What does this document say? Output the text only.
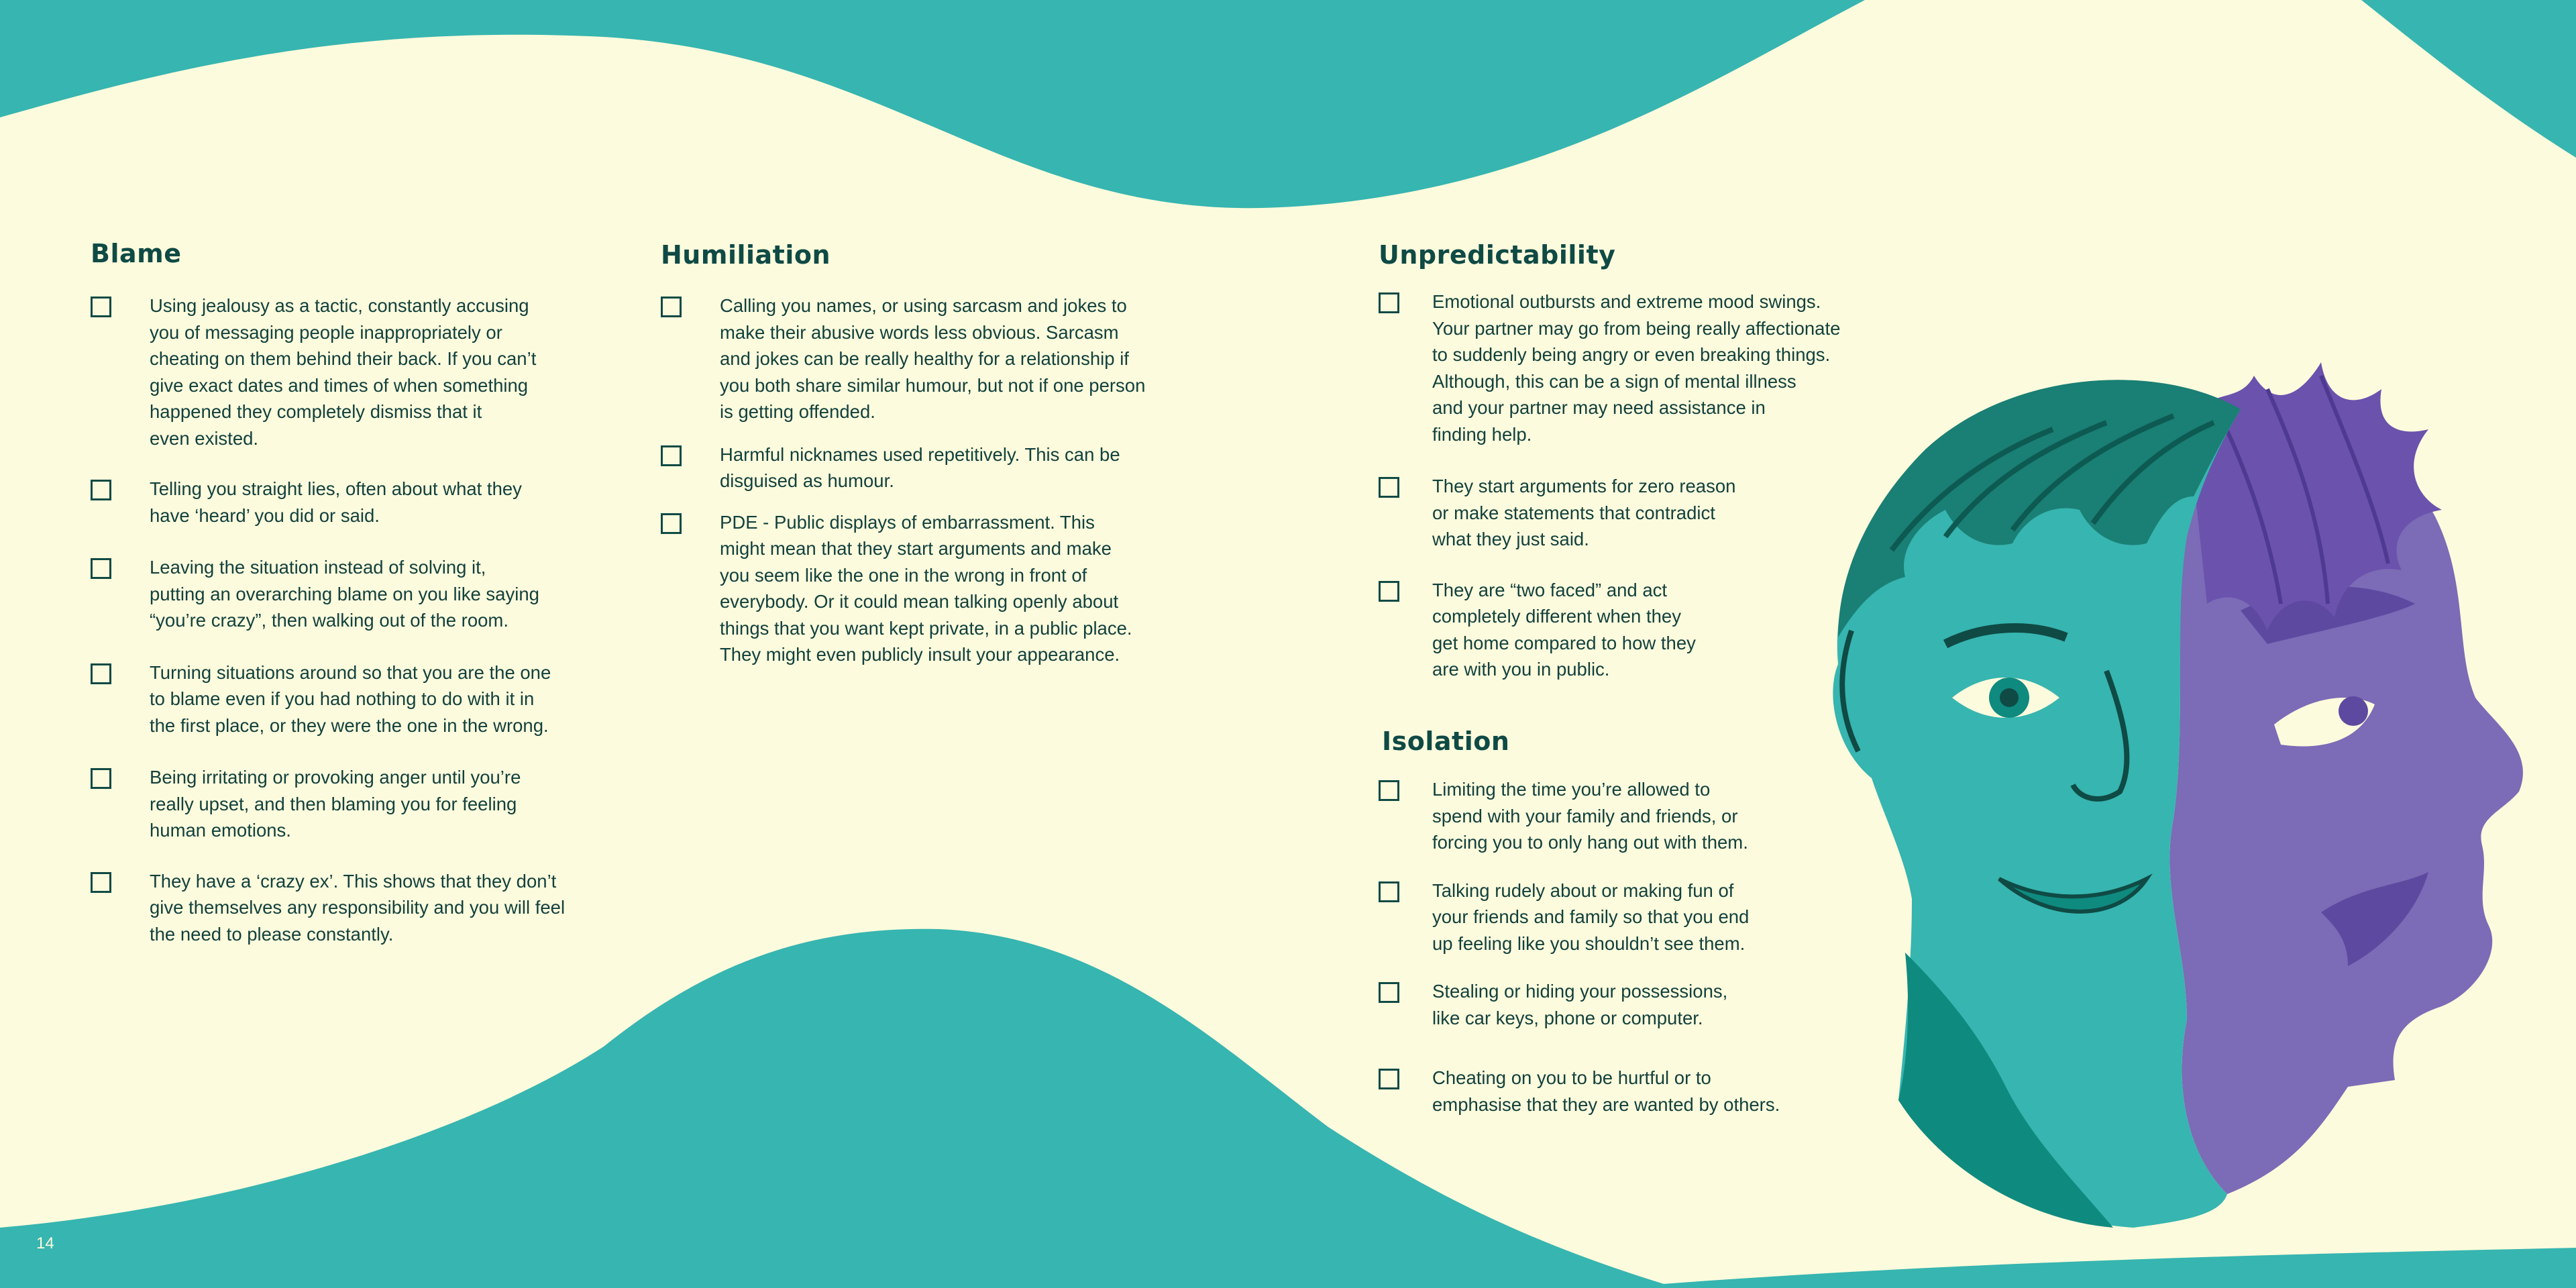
Blame
Using jealousy as a tactic, constantly accusing
you of messaging people inappropriately or
cheating on them behind their back. If you can’t
give exact dates and times of when something
happened they completely dismiss that it
even existed.
Telling you straight lies, often about what they
have ‘heard’ you did or said.
Leaving the situation instead of solving it,
putting an overarching blame on you like saying
“you’re crazy”, then walking out of the room.
Turning situations around so that you are the one
to blame even if you had nothing to do with it in
the first place, or they were the one in the wrong.
Being irritating or provoking anger until you’re
really upset, and then blaming you for feeling
human emotions.
They have a ‘crazy ex’. This shows that they don’t
give themselves any responsibility and you will feel
the need to please constantly.
Humiliation
Calling you names, or using sarcasm and jokes to
make their abusive words less obvious. Sarcasm
and jokes can be really healthy for a relationship if
you both share similar humour, but not if one person
is getting offended.
Harmful nicknames used repetitively. This can be
disguised as humour.
PDE - Public displays of embarrassment. This
might mean that they start arguments and make
you seem like the one in the wrong in front of
everybody. Or it could mean talking openly about
things that you want kept private, in a public place.
They might even publicly insult your appearance.
Unpredictability
Emotional outbursts and extreme mood swings.
Your partner may go from being really affectionate
to suddenly being angry or even breaking things.
Although, this can be a sign of mental illness
and your partner may need assistance in
finding help.
They start arguments for zero reason
or make statements that contradict
what they just said.
They are “two faced” and act
completely different when they
get home compared to how they
are with you in public.
Isolation
Limiting the time you’re allowed to
spend with your family and friends, or
forcing you to only hang out with them.
Talking rudely about or making fun of
your friends and family so that you end
up feeling like you shouldn’t see them.
Stealing or hiding your possessions,
like car keys, phone or computer.
Cheating on you to be hurtful or to
emphasise that they are wanted by others.
14	15
